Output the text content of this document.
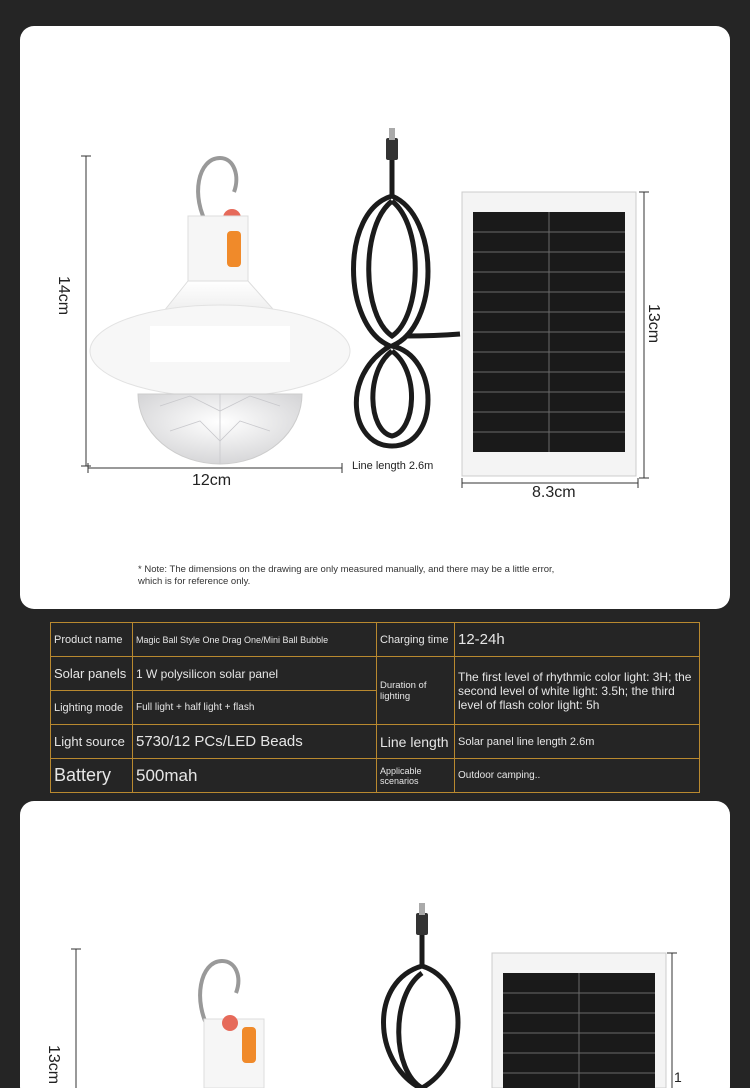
14cm
12cm
Line length 2.6m
13cm
8.3cm
* Note: The dimensions on the drawing are only measured manually, and there may be a little error,
which is for reference only.
Product name	Magic Ball Style One Drag One/Mini Ball Bubble	Charging time	12-24h
Solar panels	1 W polysilicon solar panel	Duration of lighting	The first level of rhythmic color light: 3H; the second level of white light: 3.5h; the third level of flash color light: 5h
Lighting mode	Full light + half light + flash		
Light source	5730/12 PCs/LED Beads	Line length	Solar panel line length 2.6m
Battery	500mah	Applicable scenarios	Outdoor camping..
13cm	1
